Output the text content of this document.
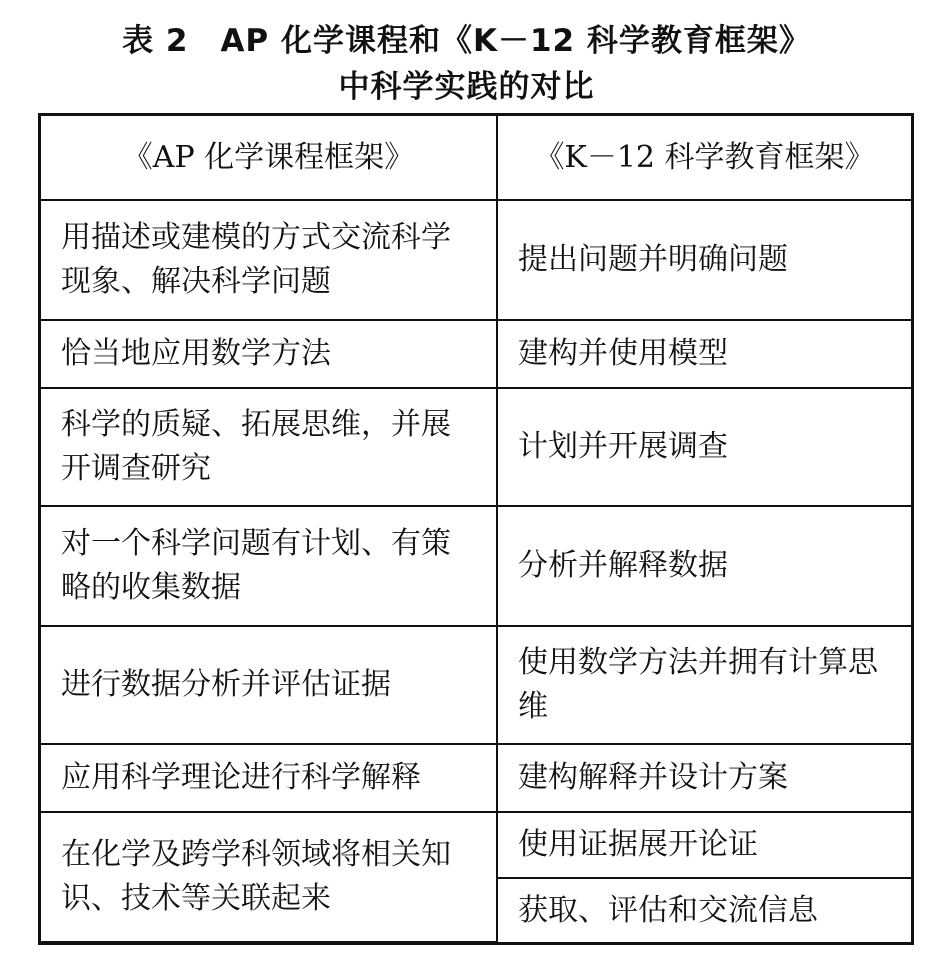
表 2　AP 化学课程和《K－12 科学教育框架》
中科学实践的对比
《AP 化学课程框架》	《K－12 科学教育框架》
用描述或建模的方式交流科学现象、解决科学问题	提出问题并明确问题
恰当地应用数学方法	建构并使用模型
科学的质疑、拓展思维，并展开调查研究	计划并开展调查
对一个科学问题有计划、有策略的收集数据	分析并解释数据
进行数据分析并评估证据	使用数学方法并拥有计算思维
应用科学理论进行科学解释	建构解释并设计方案
在化学及跨学科领域将相关知识、技术等关联起来	使用证据展开论证
	获取、评估和交流信息
